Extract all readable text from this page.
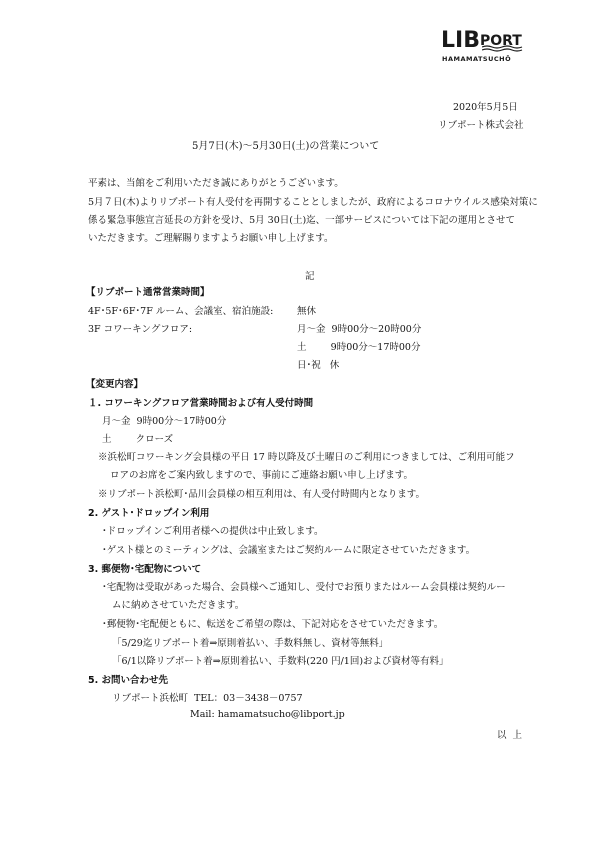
$LIB^{PORT}$
HAMAMATSUCHŌ
2020年5月5日
リブポート株式会社
5月7日(木)～5月30日(土)の営業について
平素は、当館をご利用いただき誠にありがとうございます。
5月７日(木)よりリブポート有人受付を再開することとしましたが、政府によるコロナウイルス感染対策に
係る緊急事態宣言延長の方針を受け、5月 30日(土)迄、一部サービスについては下記の運用とさせて
いただきます。ご理解賜りますようお願い申し上げます。
記
【リブポート通常営業時間】
4F･5F･6F･7F ルーム、会議室、宿泊施設: 無休
3F コワーキングフロア:	月～金  9時00分～20時00分
土        9時00分～17時00分
日･祝   休
【変更内容】
１. コワーキングフロア営業時間および有人受付時間
月～金  9時00分～17時00分
土        クローズ
※浜松町コワーキング会員様の平日 17 時以降及び土曜日のご利用につきましては、ご利用可能フ
ロアのお席をご案内致しますので、事前にご連絡お願い申し上げます。
※リブポート浜松町･品川会員様の相互利用は、有人受付時間内となります。
2. ゲスト･ドロップイン利用
･ドロップインご利用者様への提供は中止致します。
･ゲスト様とのミーティングは、会議室またはご契約ルームに限定させていただきます。
3. 郵便物･宅配物について
･宅配物は受取があった場合、会員様へご通知し、受付でお預りまたはルーム会員様は契約ルー
ムに納めさせていただきます。
･郵便物･宅配便ともに、転送をご希望の際は、下記対応をさせていただきます。
「5/29迄リブポート着⇒原則着払い、手数料無し、資材等無料」
「6/1以降リブポート着⇒原則着払い、手数料(220 円/1回)および資材等有料」
5. お問い合わせ先
リブポート浜松町  TEL：03－3438－0757
Mail: hamamatsucho@libport.jp
以  上
